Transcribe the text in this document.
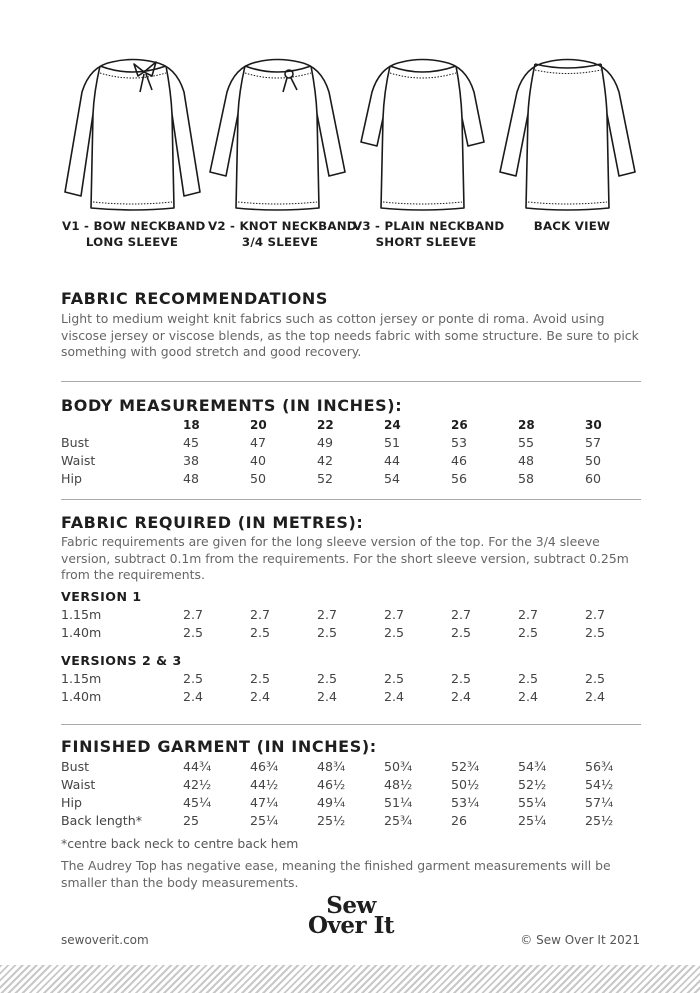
V1 - BOW NECKBAND
LONG SLEEVE
V2 - KNOT NECKBAND
3/4 SLEEVE
V3 - PLAIN NECKBAND
SHORT SLEEVE
BACK VIEW
FABRIC RECOMMENDATIONS

Light to medium weight knit fabrics such as cotton jersey or ponte di roma. Avoid using viscose jersey or viscose blends, as the top needs fabric with some structure. Be sure to pick something with good stretch and good recovery.

BODY MEASUREMENTS (IN INCHES):
	18	20	22	24	26	28	30
Bust	45	47	49	51	53	55	57
Waist	38	40	42	44	46	48	50
Hip	48	50	52	54	56	58	60
FABRIC REQUIRED (IN METRES):

Fabric requirements are given for the long sleeve version of the top. For the 3/4 sleeve version, subtract 0.1m from the requirements. For the short sleeve version, subtract 0.25m from the requirements.

VERSION 1
1.15m	2.7	2.7	2.7	2.7	2.7	2.7	2.7
1.40m	2.5	2.5	2.5	2.5	2.5	2.5	2.5
VERSIONS 2 & 3
1.15m	2.5	2.5	2.5	2.5	2.5	2.5	2.5
1.40m	2.4	2.4	2.4	2.4	2.4	2.4	2.4
FINISHED GARMENT (IN INCHES):
Bust	44¾	46¾	48¾	50¾	52¾	54¾	56¾
Waist	42½	44½	46½	48½	50½	52½	54½
Hip	45¼	47¼	49¼	51¼	53¼	55¼	57¼
Back length*	25	25¼	25½	25¾	26	25¼	25½

*centre back neck to centre back hem

The Audrey Top has negative ease, meaning the finished garment measurements will be smaller than the body measurements.

sewoverit.com
Sew
Over It
© Sew Over It 2021
